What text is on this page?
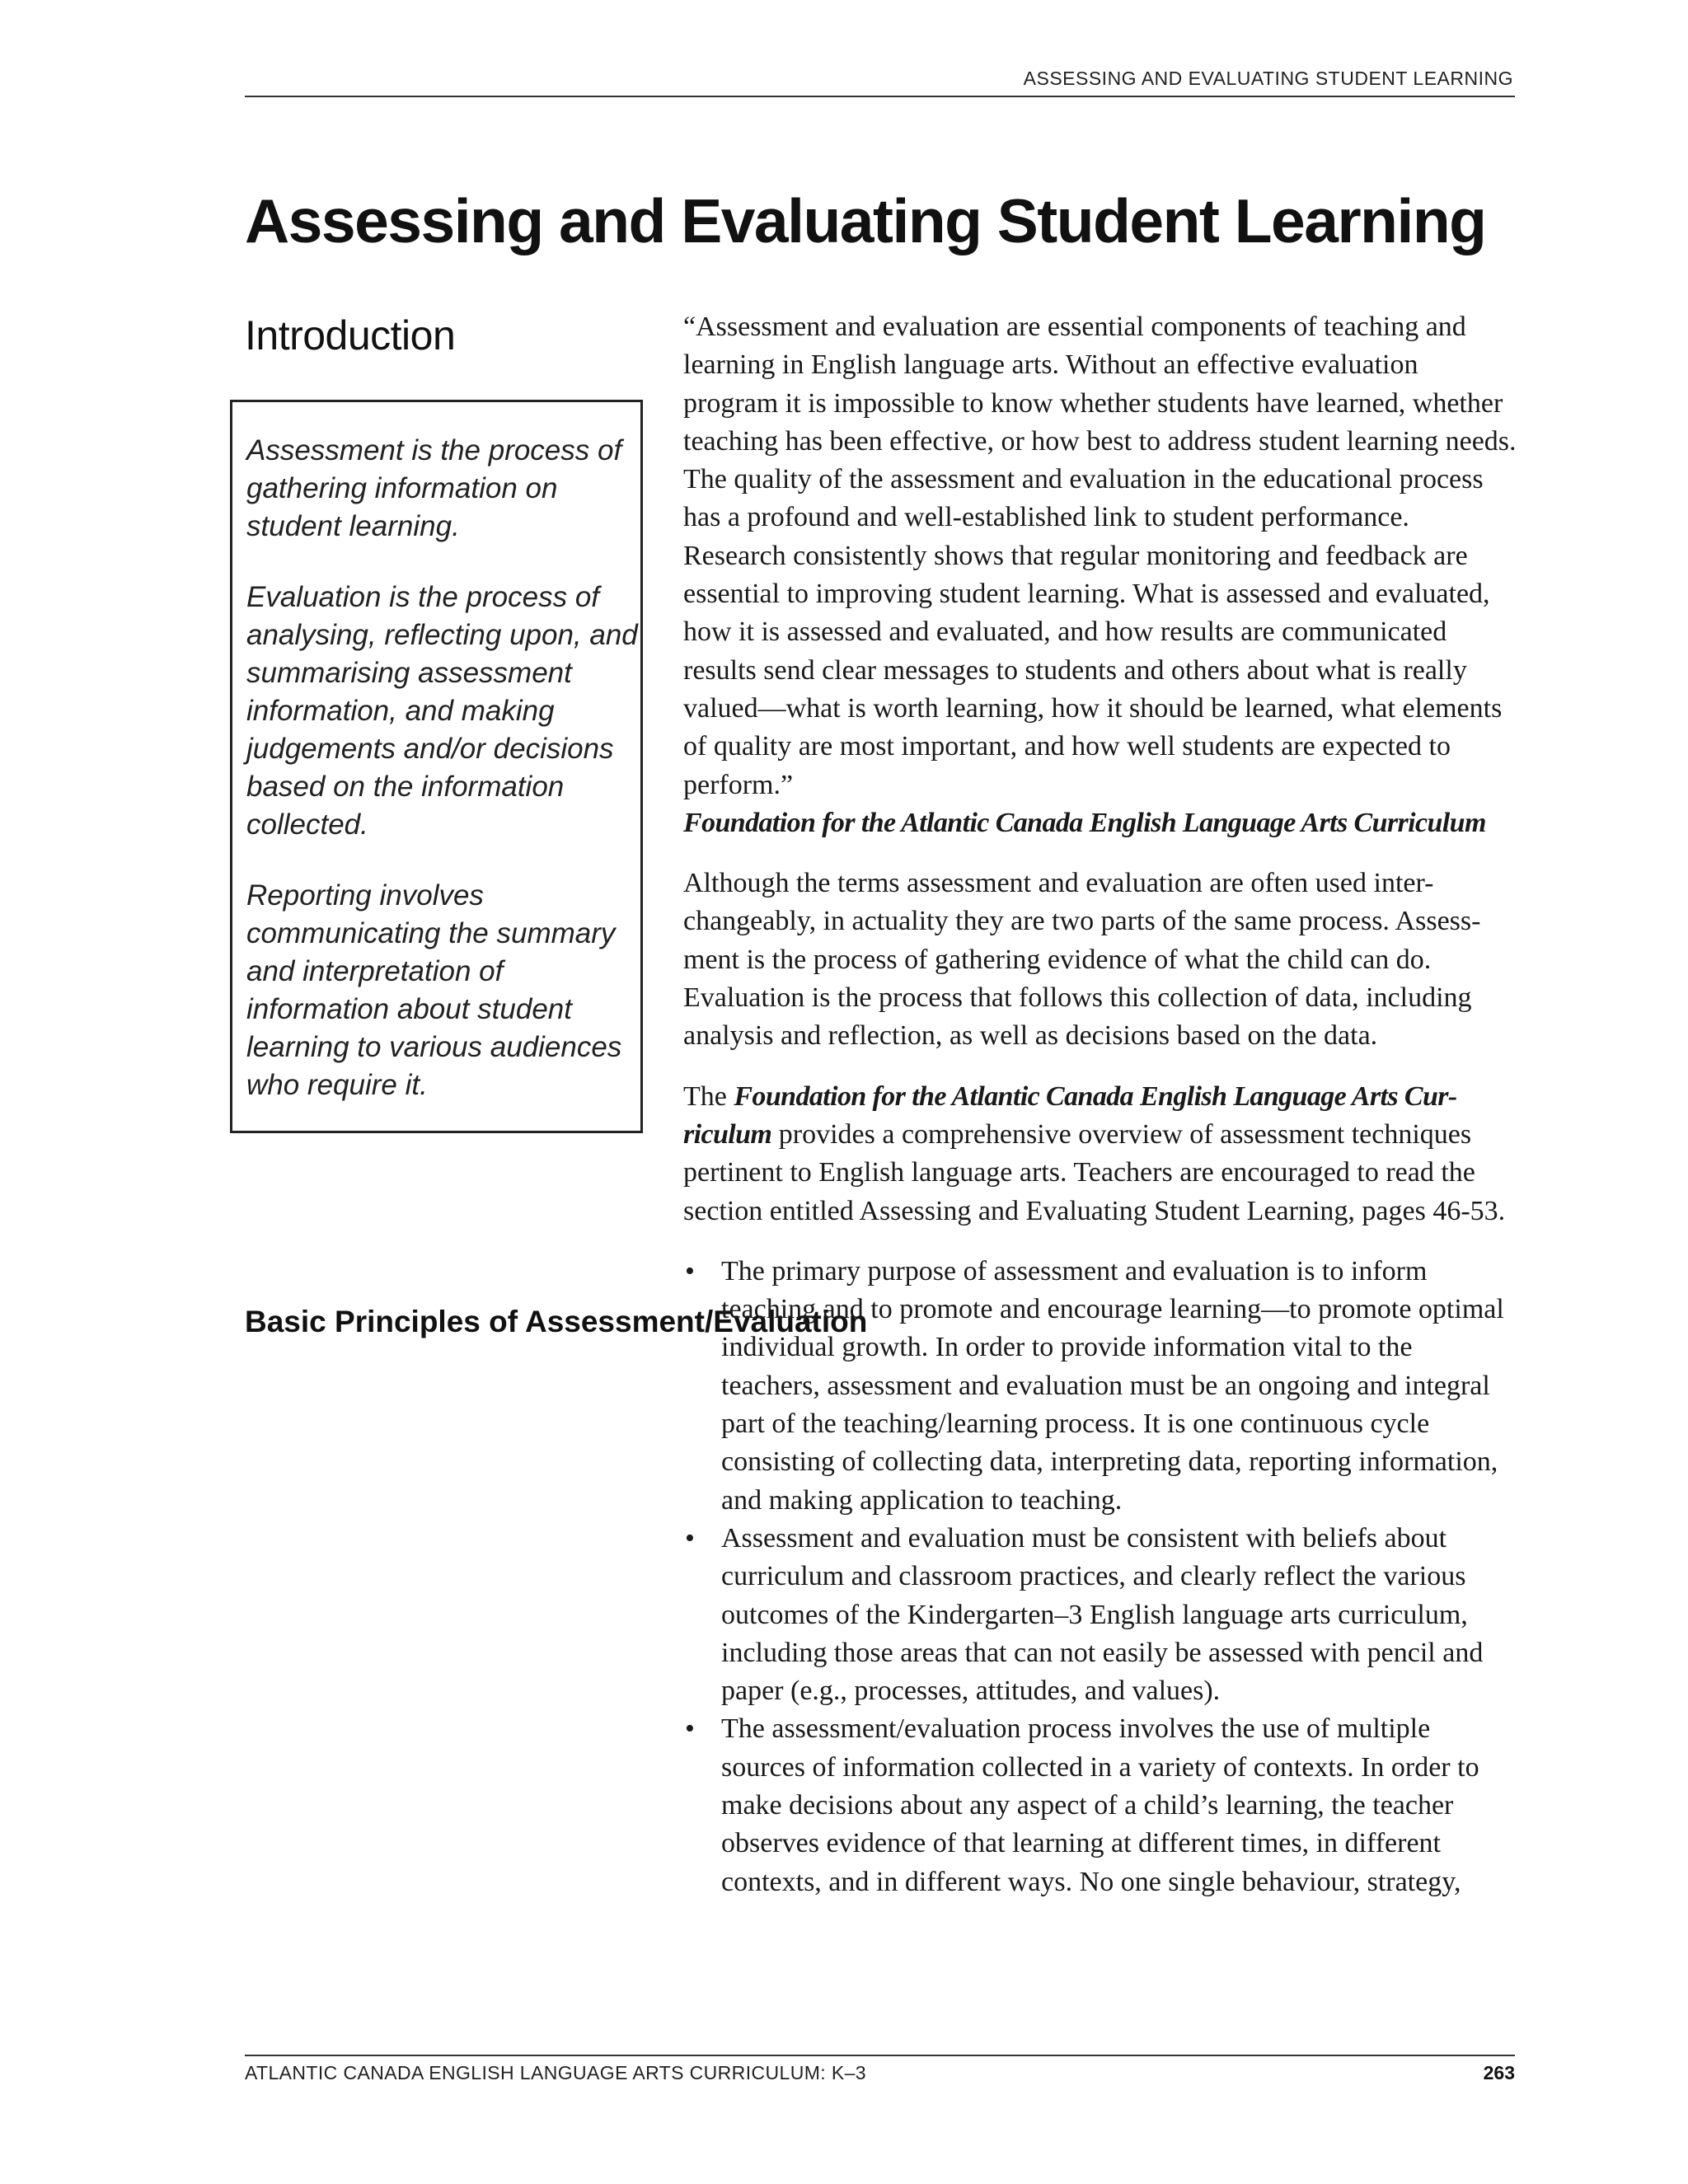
ASSESSING AND EVALUATING STUDENT LEARNING
Assessing and Evaluating Student Learning
Introduction

Assessment is the process of gathering information on student learning.

Evaluation is the process of analysing, reflecting upon, and summarising assessment information, and making judgements and/or decisions based on the information collected.

Reporting involves communicating the summary and interpretation of information about student learning to various audiences who require it.

Basic Principles of Assessment/Evaluation

“Assessment and evaluation are essential components of teaching and learning in English language arts. Without an effective evaluation program it is impossible to know whether students have learned, whether teaching has been effective, or how best to address student learning needs. The quality of the assessment and evaluation in the educational process has a profound and well-established link to student performance. Research consistently shows that regular monitoring and feedback are essential to improving student learning. What is assessed and evaluated, how it is assessed and evaluated, and how results are communicated results send clear messages to students and others about what is really valued—what is worth learning, how it should be learned, what elements of quality are most important, and how well students are expected to perform.”

Foundation for the Atlantic Canada English Language Arts Curriculum

Although the terms assessment and evaluation are often used inter-changeably, in actuality they are two parts of the same process. Assess-ment is the process of gathering evidence of what the child can do. Evaluation is the process that follows this collection of data, including analysis and reflection, as well as decisions based on the data.

The Foundation for the Atlantic Canada English Language Arts Cur-riculum provides a comprehensive overview of assessment techniques pertinent to English language arts. Teachers are encouraged to read the section entitled Assessing and Evaluating Student Learning, pages 46-53.

• The primary purpose of assessment and evaluation is to inform teaching and to promote and encourage learning—to promote optimal individual growth. In order to provide information vital to the teachers, assessment and evaluation must be an ongoing and integral part of the teaching/learning process. It is one continuous cycle consisting of collecting data, interpreting data, reporting information, and making application to teaching.
• Assessment and evaluation must be consistent with beliefs about curriculum and classroom practices, and clearly reflect the various outcomes of the Kindergarten–3 English language arts curriculum, including those areas that can not easily be assessed with pencil and paper (e.g., processes, attitudes, and values).
• The assessment/evaluation process involves the use of multiple sources of information collected in a variety of contexts. In order to make decisions about any aspect of a child’s learning, the teacher observes evidence of that learning at different times, in different contexts, and in different ways. No one single behaviour, strategy,
ATLANTIC CANADA ENGLISH LANGUAGE ARTS CURRICULUM: K–3	263
